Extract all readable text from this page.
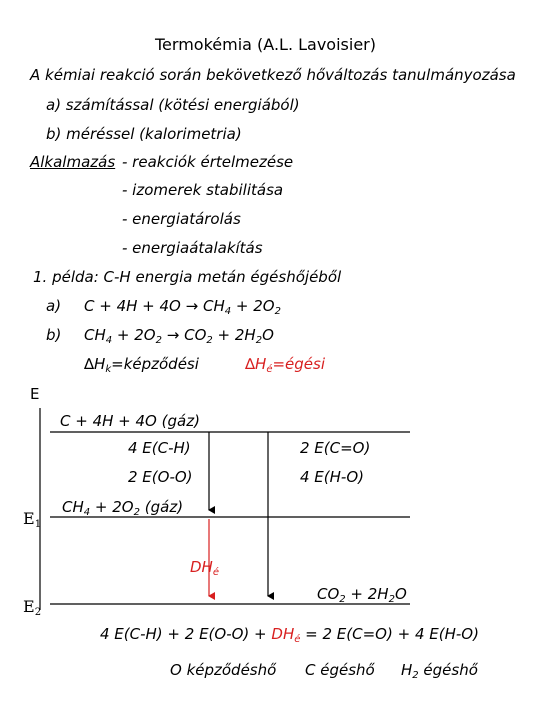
Termokémia (A.L. Lavoisier)
A kémiai reakció során bekövetkező hőváltozás tanulmányozása
a) számítással (kötési energiából)
b) méréssel (kalorimetria)
Alkalmazás - reakciók értelmezése
- izomerek stabilitása
- energiatárolás
- energiaátalakítás
1. példa: C-H energia metán égéshőjéből
a) $C + 4H + 4O \to CH_4 + 2O_2$
b) $CH_4 + 2O_2 \to CO_2 + 2H_2O$
$\Delta H_k=képződési$	$\Delta H_é=égési$
E
$E_1$
$E_2$
C + 4H + 4O (gáz)
4 E(C-H)
2 E(O-O)
2 E(C=O)
4 E(H-O)
$CH_4 + 2O_2$ (gáz)
$DH_é$
$CO_2 + 2H_2O$
4 E(C-H) + 2 $E(O-O) + DH_é = 2$ E(C=O) + 4 E(H-O)
O képződéshő C égéshő $H_2$ égéshő
